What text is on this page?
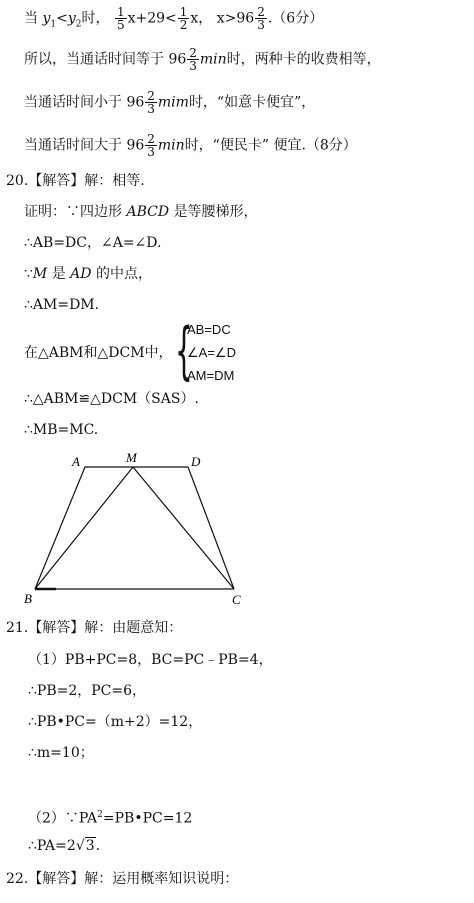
当 $y_1<y_2$时， $\frac{1}{5} x+29< \frac{1}{2}$ x， $x>96 \frac{2}{3} .(6$分）
所以，当通话时间等于 $96 \frac{2}{3}$ min时，两种卡的收费相等，
当通话时间小于 $96 \frac{2}{3}$ mim时，“如意卡便宜”，
当通话时间大于 $96 \frac{2}{3}$ min时，“便民卡” 便宜.（8分）
20.【解答】解：相等.
证明：∵四边形 ABCD 是等腰梯形，
∴AB=DC，∠A=∠D.
∵M 是 AD 的中点，
∴AM=DM.
在△ABM和△DCM中， {
AB=DC
∠A=∠D
AM=DM
∴△ABM≌△DCM（SAS）.
∴MB=MC.
A	M	D
B	C
21.【解答】解：由题意知：
（1）PB+PC=8，BC=PC﹣PB=4，
∴PB=2，PC=6，
∴PB•PC=（m+2）=12，
∴m=10；
$(2)\because PA^2=PB•PC=12$
∴PA=2√3.
22.【解答】解：运用概率知识说明：
